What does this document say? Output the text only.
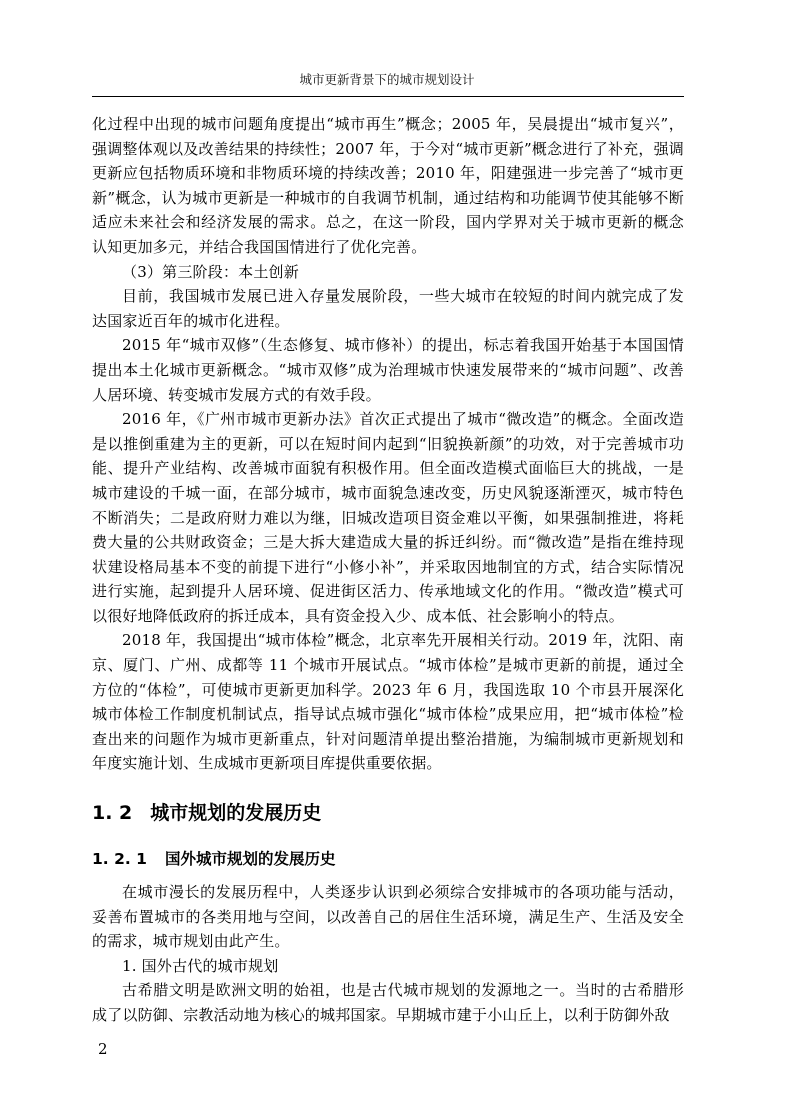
城市更新背景下的城市规划设计

化过程中出现的城市问题角度提出“城市再生”概念；2005 年，吴晨提出“城市复兴”，强调整体观以及改善结果的持续性；2007 年，于今对“城市更新”概念进行了补充，强调更新应包括物质环境和非物质环境的持续改善；2010 年，阳建强进一步完善了“城市更新”概念，认为城市更新是一种城市的自我调节机制，通过结构和功能调节使其能够不断适应未来社会和经济发展的需求。总之，在这一阶段，国内学界对关于城市更新的概念认知更加多元，并结合我国国情进行了优化完善。

（3）第三阶段：本土创新

目前，我国城市发展已进入存量发展阶段，一些大城市在较短的时间内就完成了发达国家近百年的城市化进程。

2015 年“城市双修”（生态修复、城市修补）的提出，标志着我国开始基于本国国情提出本土化城市更新概念。“城市双修”成为治理城市快速发展带来的“城市问题”、改善人居环境、转变城市发展方式的有效手段。

2016 年，《广州市城市更新办法》首次正式提出了城市“微改造”的概念。全面改造是以推倒重建为主的更新，可以在短时间内起到“旧貌换新颜”的功效，对于完善城市功能、提升产业结构、改善城市面貌有积极作用。但全面改造模式面临巨大的挑战，一是城市建设的千城一面，在部分城市，城市面貌急速改变，历史风貌逐渐湮灭，城市特色不断消失；二是政府财力难以为继，旧城改造项目资金难以平衡，如果强制推进，将耗费大量的公共财政资金；三是大拆大建造成大量的拆迁纠纷。而“微改造”是指在维持现状建设格局基本不变的前提下进行“小修小补”，并采取因地制宜的方式，结合实际情况进行实施，起到提升人居环境、促进街区活力、传承地域文化的作用。“微改造”模式可以很好地降低政府的拆迁成本，具有资金投入少、成本低、社会影响小的特点。

2018 年，我国提出“城市体检”概念，北京率先开展相关行动。2019 年，沈阳、南京、厦门、广州、成都等 11 个城市开展试点。“城市体检”是城市更新的前提，通过全方位的“体检”，可使城市更新更加科学。2023 年 6 月，我国选取 10 个市县开展深化城市体检工作制度机制试点，指导试点城市强化“城市体检”成果应用，把“城市体检”检查出来的问题作为城市更新重点，针对问题清单提出整治措施，为编制城市更新规划和年度实施计划、生成城市更新项目库提供重要依据。

1. 2 城市规划的发展历史
1. 2. 1 国外城市规划的发展历史

在城市漫长的发展历程中，人类逐步认识到必须综合安排城市的各项功能与活动，妥善布置城市的各类用地与空间，以改善自己的居住生活环境，满足生产、生活及安全的需求，城市规划由此产生。

1. 国外古代的城市规划

古希腊文明是欧洲文明的始祖，也是古代城市规划的发源地之一。当时的古希腊形成了以防御、宗教活动地为核心的城邦国家。早期城市建于小山丘上，以利于防御外敌

2
